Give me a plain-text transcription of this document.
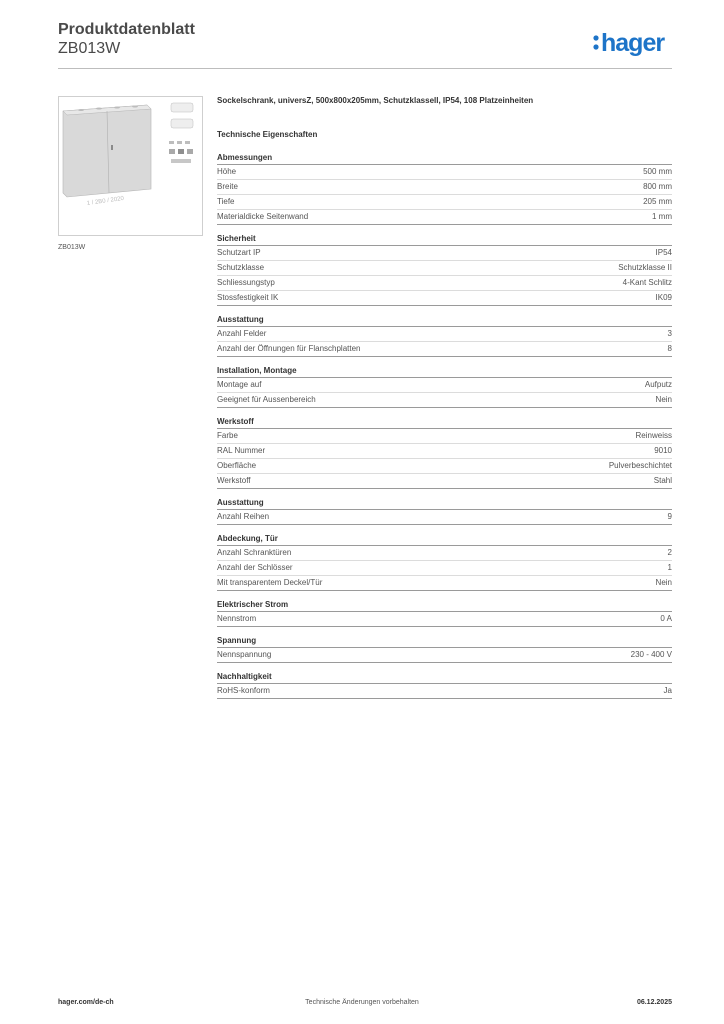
Produktdatenblatt
ZB013W	hager
1 / 2B0 / 2020
ZB013W
Sockelschrank, universZ, 500x800x205mm, Schutzklassell, IP54, 108 Platzeinheiten
Technische Eigenschaften
Abmessungen
Höhe	500 mm
Breite	800 mm
Tiefe	205 mm
Materialdicke Seitenwand	1 mm
Sicherheit
Schutzart IP	IP54
Schutzklasse	Schutzklasse II
Schliessungstyp	4-Kant Schlitz
Stossfestigkeit IK	IK09
Ausstattung
Anzahl Felder	3
Anzahl der Öffnungen für Flanschplatten	8
Installation, Montage
Montage auf	Aufputz
Geeignet für Aussenbereich	Nein
Werkstoff
Farbe	Reinweiss
RAL Nummer	9010
Oberfläche	Pulverbeschichtet
Werkstoff	Stahl
Ausstattung
Anzahl Reihen	9
Abdeckung, Tür
Anzahl Schranktüren	2
Anzahl der Schlösser	1
Mit transparentem Deckel/Tür	Nein
Elektrischer Strom
Nennstrom	0 A
Spannung
Nennspannung	230 - 400 V
Nachhaltigkeit
RoHS-konform	Ja
hager.com/de-ch	Technische Änderungen vorbehalten	06.12.2025
